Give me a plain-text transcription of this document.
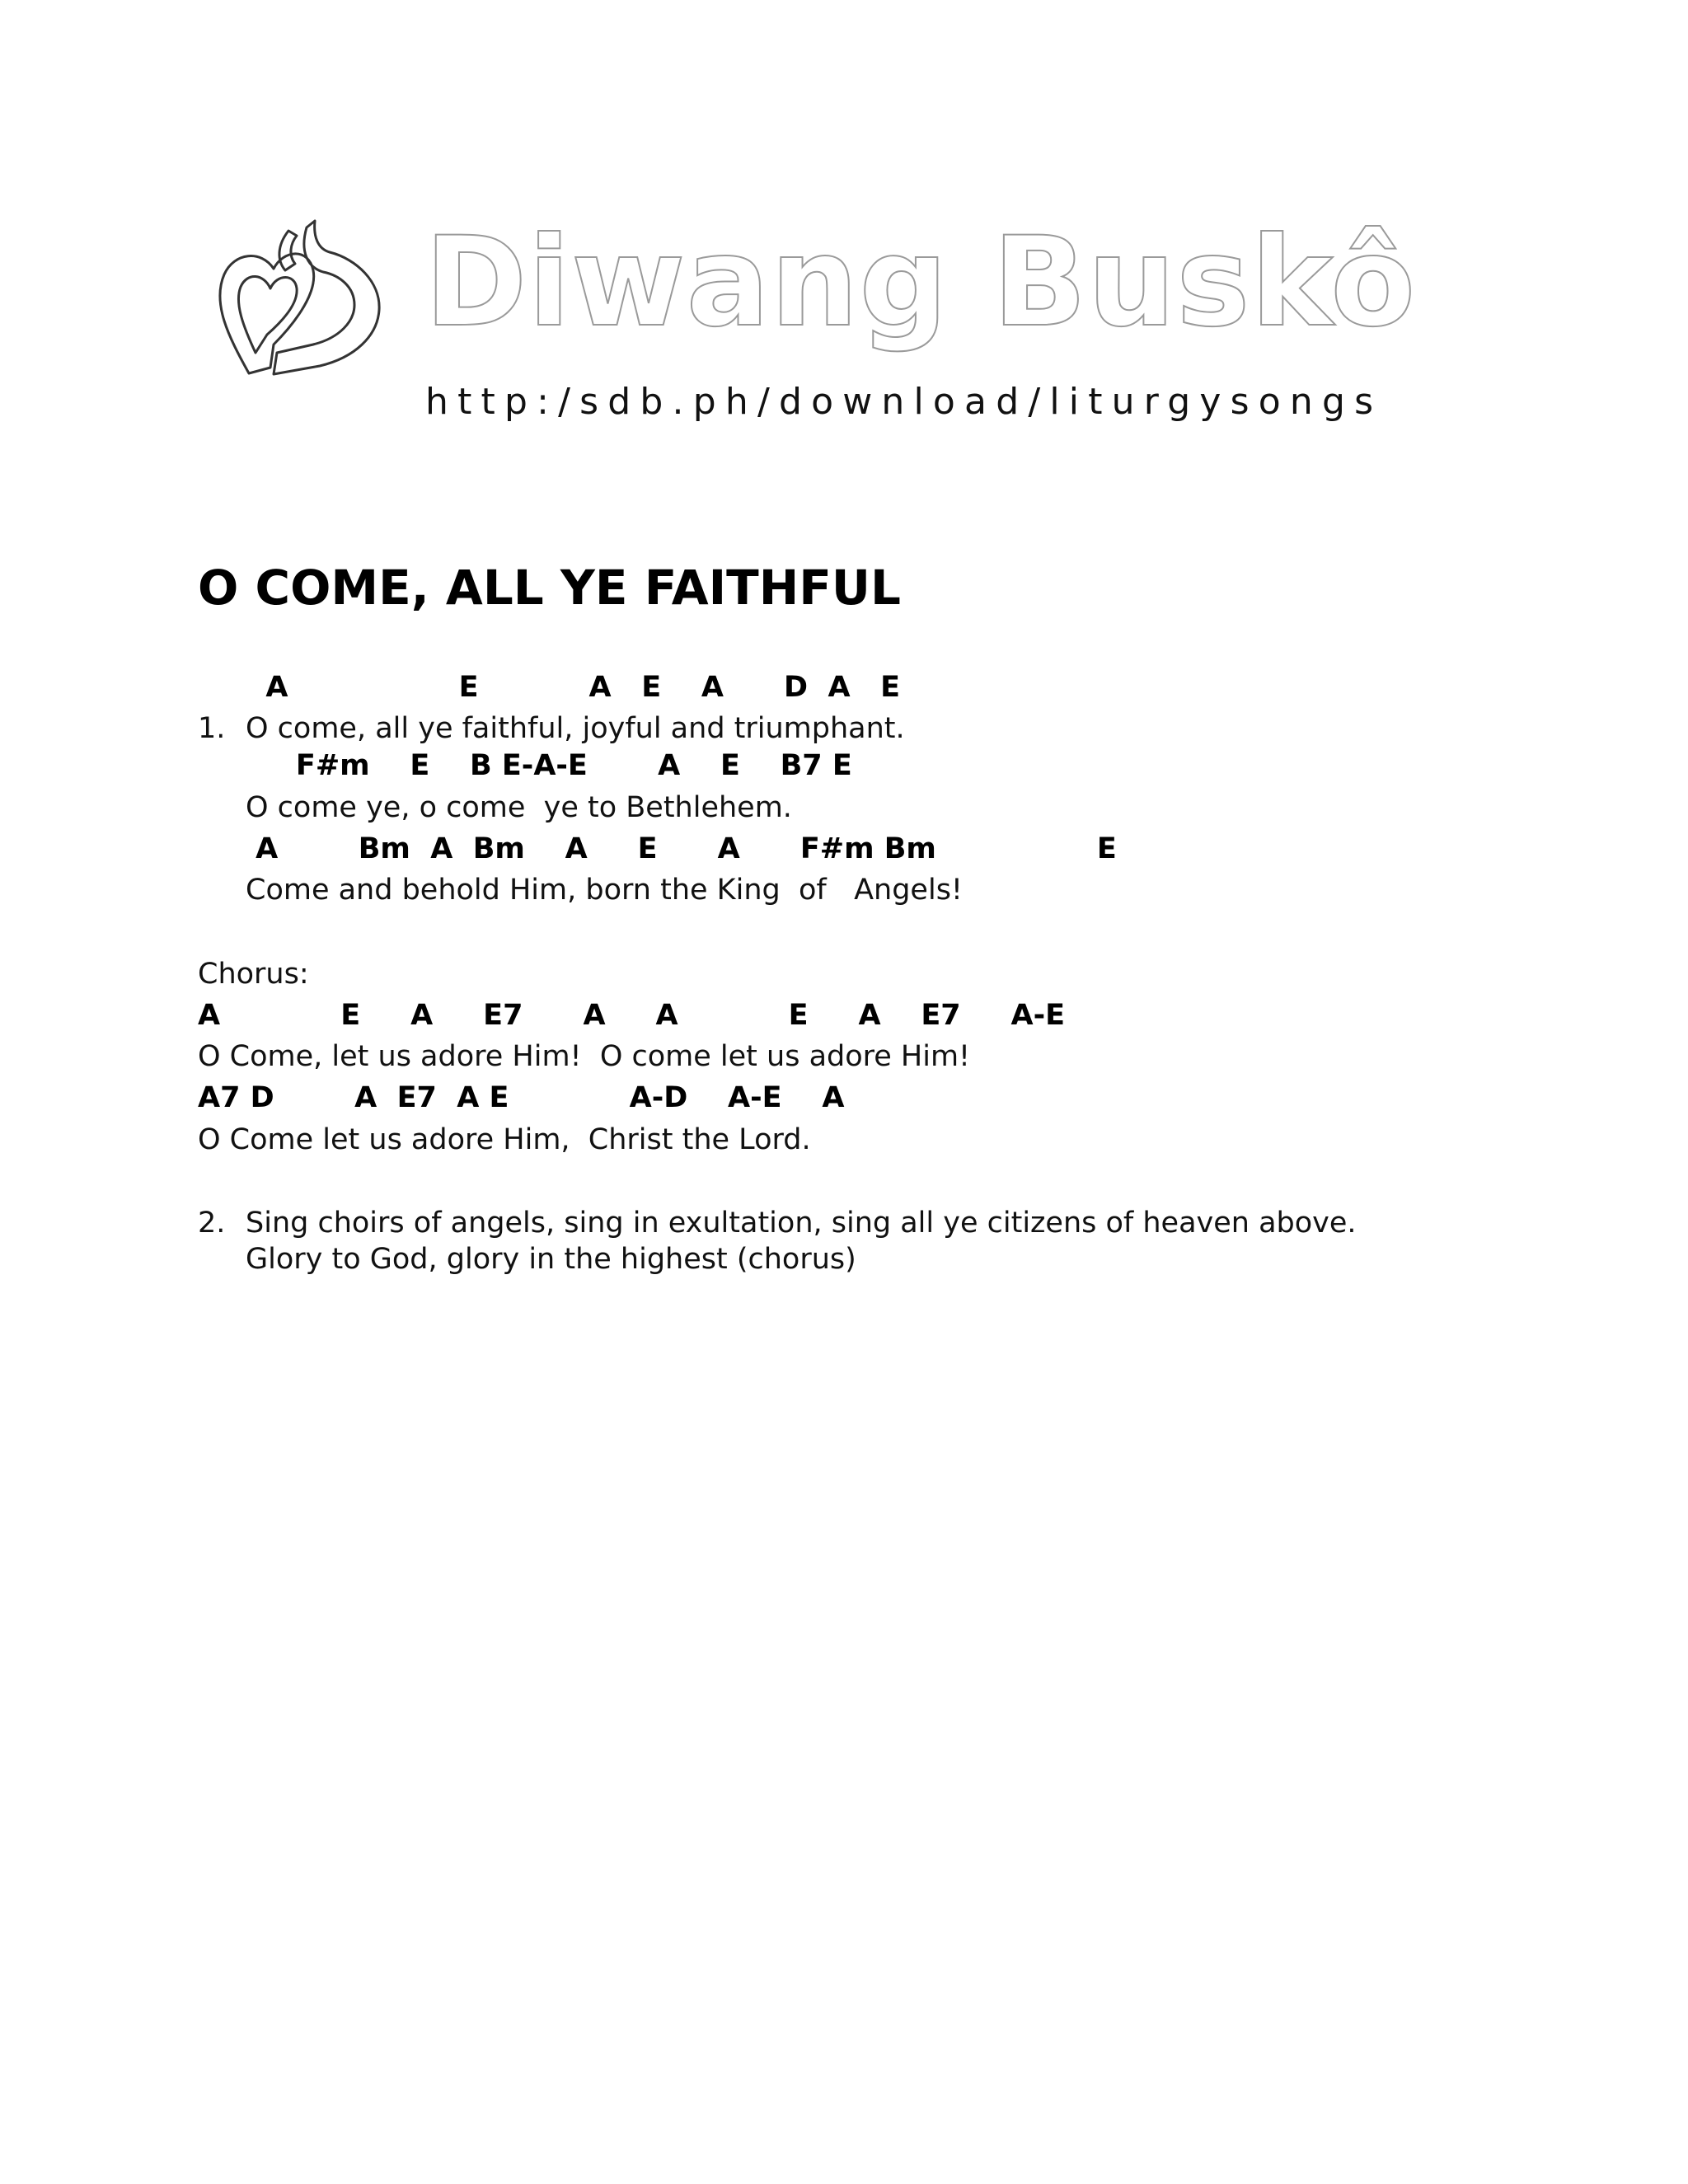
Diwang Buskô
http:/sdb.ph/download/liturgysongs
O COME, ALL YE FAITHFUL
A                 E           A   E    A      D  A   E
1. O come, all ye faithful, joyful and triumphant.
F#m    E    B E-A-E       A    E    B7 E
O come ye, o come  ye to Bethlehem.
A        Bm  A  Bm    A     E      A      F#m Bm                E
Come and behold Him, born the King  of   Angels!
Chorus:
A            E     A     E7      A     A           E     A    E7     A-E
O Come, let us adore Him!  O come let us adore Him!
A7 D        A  E7  A E            A-D    A-E    A
O Come let us adore Him,  Christ the Lord.
2. Sing choirs of angels, sing in exultation, sing all ye citizens of heaven above.
Glory to God, glory in the highest (chorus)
